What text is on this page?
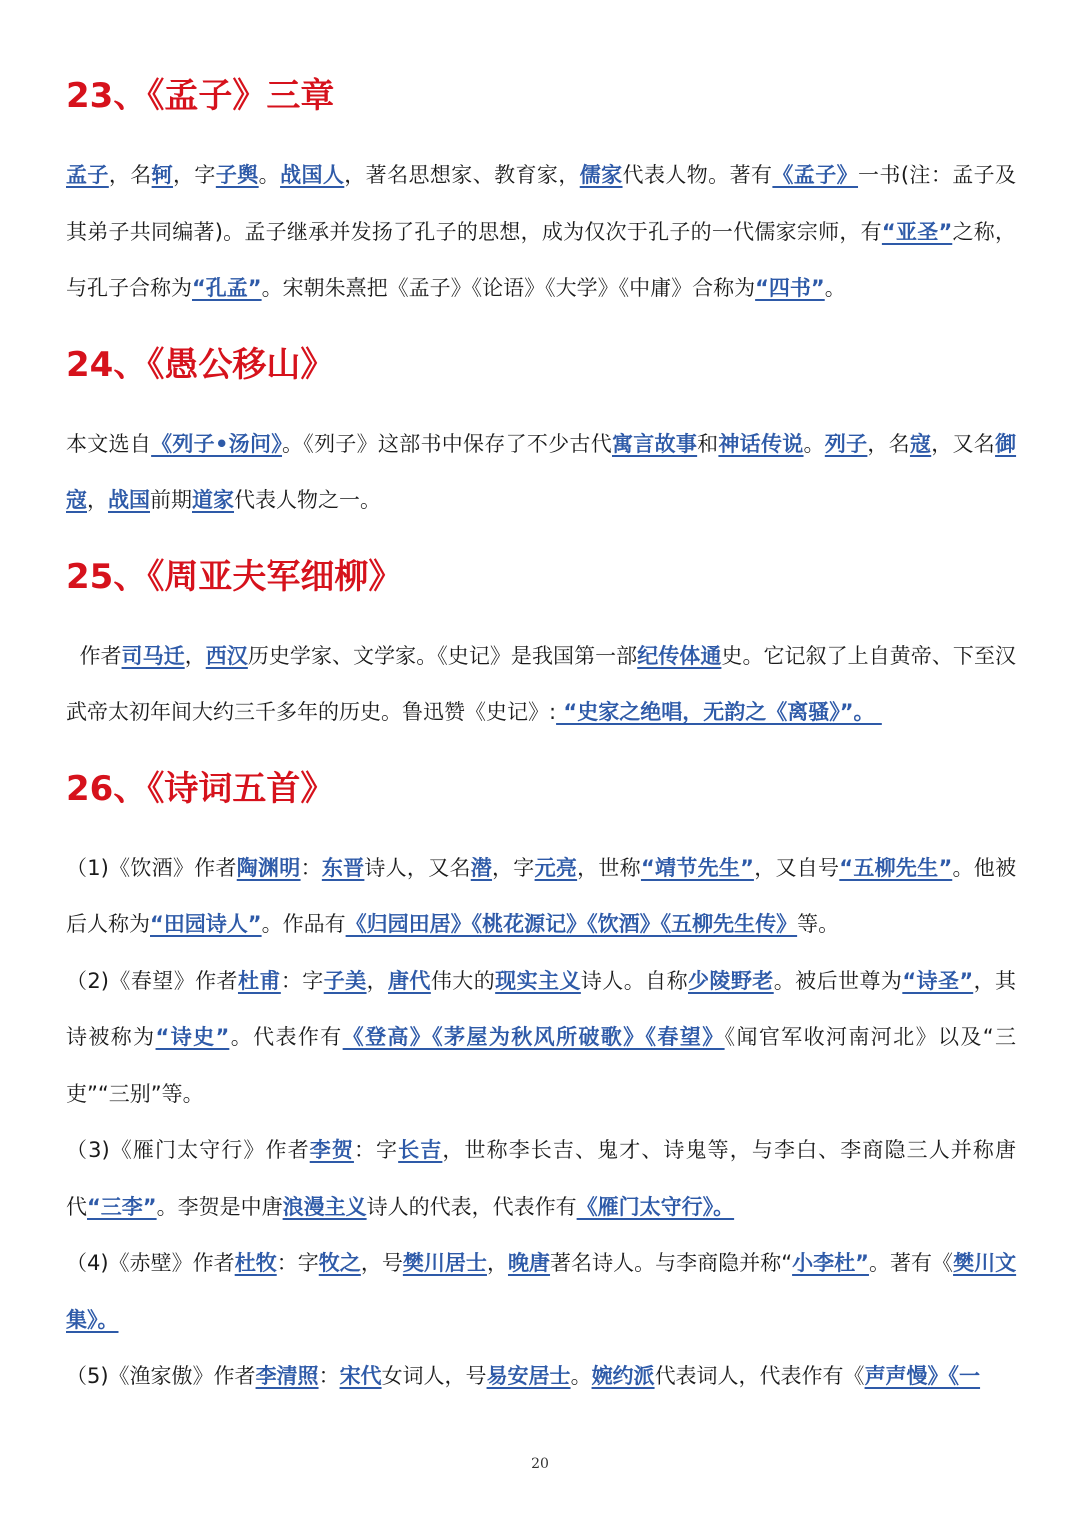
23、《孟子》三章

孟子，名轲，字子舆。战国人，著名思想家、教育家，儒家代表人物。著有《孟子》一书(注：孟子及其弟子共同编著)。孟子继承并发扬了孔子的思想，成为仅次于孔子的一代儒家宗师，有“亚圣”之称，与孔子合称为“孔孟”。宋朝朱熹把《孟子》《论语》《大学》《中庸》合称为“四书”。

24、《愚公移山》

本文选自《列子•汤问》。《列子》这部书中保存了不少古代寓言故事和神话传说。列子，名寇，又名御寇，战国前期道家代表人物之一。

25、《周亚夫军细柳》

作者司马迁，西汉历史学家、文学家。《史记》是我国第一部纪传体通史。它记叙了上自黄帝、下至汉武帝太初年间大约三千多年的历史。鲁迅赞《史记》: “史家之绝唱，无韵之《离骚》”。

26、《诗词五首》

（1)《饮酒》作者陶渊明：东晋诗人，又名潜，字元亮，世称“靖节先生”，又自号“五柳先生”。他被后人称为“田园诗人”。作品有《归园田居》《桃花源记》《饮酒》《五柳先生传》等。

（2)《春望》作者杜甫：字子美，唐代伟大的现实主义诗人。自称少陵野老。被后世尊为“诗圣”，其诗被称为“诗史”。代表作有《登高》《茅屋为秋风所破歌》《春望》《闻官军收河南河北》以及“三吏”“三别”等。

（3)《雁门太守行》作者李贺：字长吉，世称李长吉、鬼才、诗鬼等，与李白、李商隐三人并称唐代“三李”。李贺是中唐浪漫主义诗人的代表，代表作有《雁门太守行》。

（4)《赤壁》作者杜牧：字牧之，号樊川居士，晚唐著名诗人。与李商隐并称“小李杜”。著有《樊川文集》。

（5)《渔家傲》作者李清照：宋代女词人，号易安居士。婉约派代表词人，代表作有《声声慢》《一

20
